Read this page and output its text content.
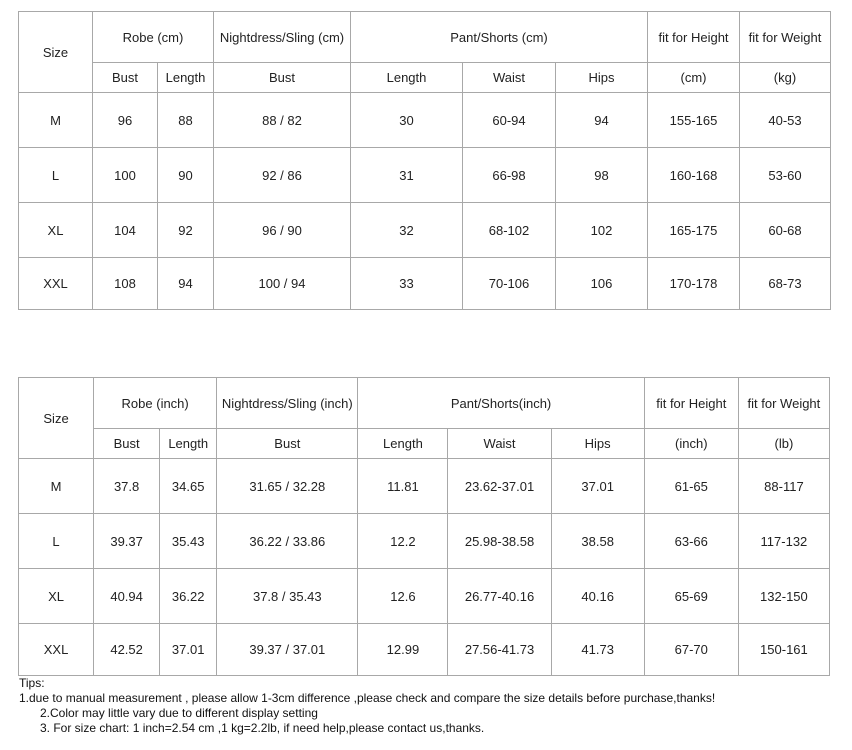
Size	Robe (cm)		Nightdress/Sling (cm)	Pant/Shorts (cm)			fit for Height	fit for Weight
	Bust	Length	Bust	Length	Waist	Hips	(cm)	(kg)
M	96	88	88 / 82	30	60-94	94	155-165	40-53
L	100	90	92 / 86	31	66-98	98	160-168	53-60
XL	104	92	96 / 90	32	68-102	102	165-175	60-68
XXL	108	94	100 / 94	33	70-106	106	170-178	68-73
Size	Robe (inch)		Nightdress/Sling (inch)	Pant/Shorts(inch)			fit for Height	fit for Weight
	Bust	Length	Bust	Length	Waist	Hips	(inch)	(lb)
M	37.8	34.65	31.65 / 32.28	11.81	23.62-37.01	37.01	61-65	88-117
L	39.37	35.43	36.22 / 33.86	12.2	25.98-38.58	38.58	63-66	117-132
XL	40.94	36.22	37.8 / 35.43	12.6	26.77-40.16	40.16	65-69	132-150
XXL	42.52	37.01	39.37 / 37.01	12.99	27.56-41.73	41.73	67-70	150-161
Tips:
1.due to manual measurement , please allow 1-3cm difference ,please check and compare the size details before purchase,thanks!
2.Color may little vary due to different display setting
3. For size chart: 1 inch=2.54 cm ,1 kg=2.2lb, if need help,please contact us,thanks.
